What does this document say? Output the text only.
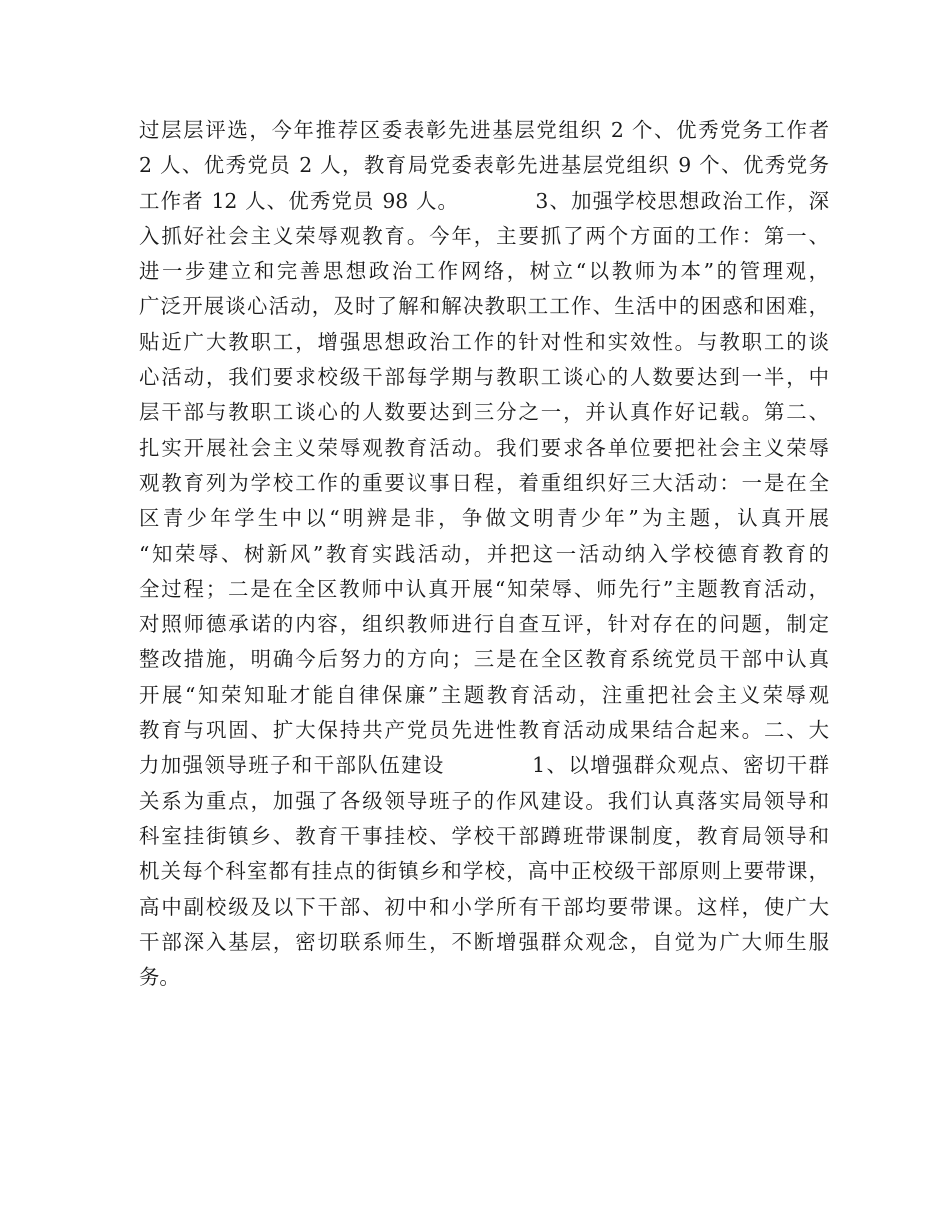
过层层评选，今年推荐区委表彰先进基层党组织 2 个、优秀党务工作者
2 人、优秀党员 2 人，教育局党委表彰先进基层党组织 9 个、优秀党务
工作者 12 人、优秀党员 98 人。　　　　3、加强学校思想政治工作，深
入抓好社会主义荣辱观教育。今年，主要抓了两个方面的工作：第一、
进一步建立和完善思想政治工作网络，树立“以教师为本”的管理观，
广泛开展谈心活动，及时了解和解决教职工工作、生活中的困惑和困难，
贴近广大教职工，增强思想政治工作的针对性和实效性。与教职工的谈
心活动，我们要求校级干部每学期与教职工谈心的人数要达到一半，中
层干部与教职工谈心的人数要达到三分之一，并认真作好记载。第二、
扎实开展社会主义荣辱观教育活动。我们要求各单位要把社会主义荣辱
观教育列为学校工作的重要议事日程，着重组织好三大活动：一是在全
区青少年学生中以“明辨是非，争做文明青少年”为主题，认真开展
“知荣辱、树新风”教育实践活动，并把这一活动纳入学校德育教育的
全过程；二是在全区教师中认真开展“知荣辱、师先行”主题教育活动，
对照师德承诺的内容，组织教师进行自查互评，针对存在的问题，制定
整改措施，明确今后努力的方向；三是在全区教育系统党员干部中认真
开展“知荣知耻才能自律保廉”主题教育活动，注重把社会主义荣辱观
教育与巩固、扩大保持共产党员先进性教育活动成果结合起来。二、大
力加强领导班子和干部队伍建设　　　　1、以增强群众观点、密切干群
关系为重点，加强了各级领导班子的作风建设。我们认真落实局领导和
科室挂街镇乡、教育干事挂校、学校干部蹲班带课制度，教育局领导和
机关每个科室都有挂点的街镇乡和学校，高中正校级干部原则上要带课，
高中副校级及以下干部、初中和小学所有干部均要带课。这样，使广大
干部深入基层，密切联系师生，不断增强群众观念，自觉为广大师生服
务。
